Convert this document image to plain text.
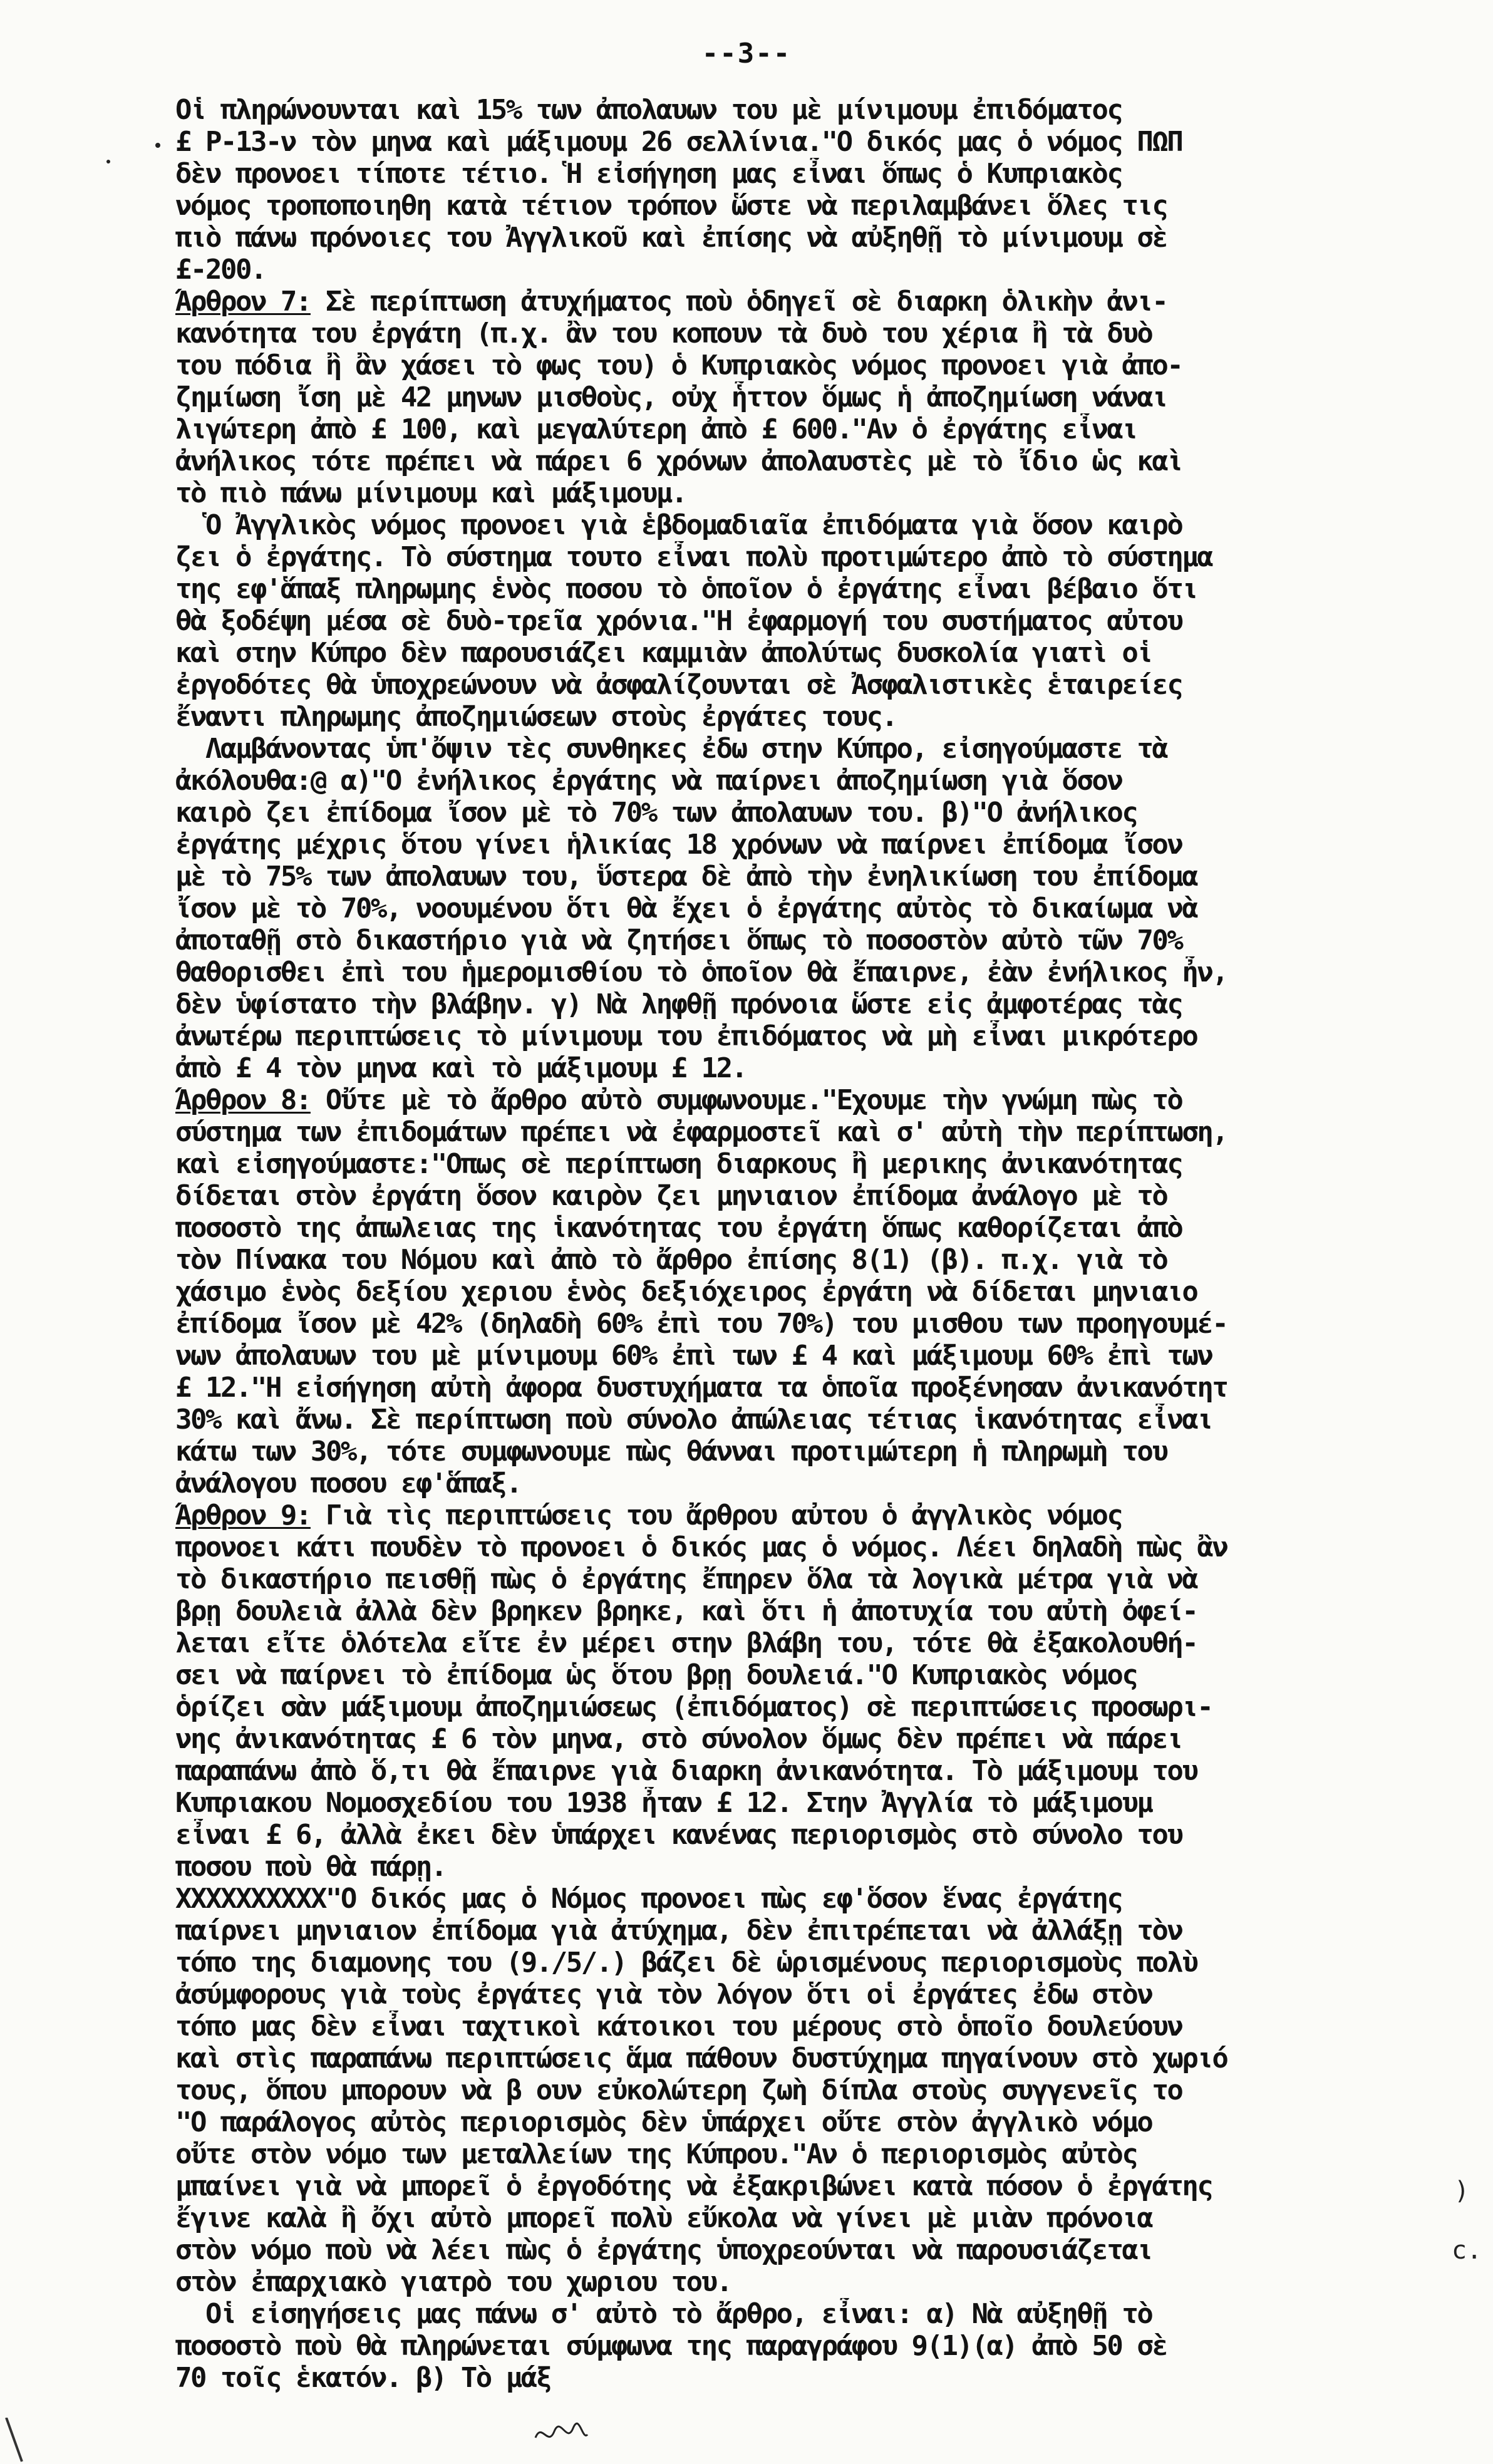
--3--
Οἱ πληρώνουνται καὶ 15% των ἀπολαυων του μὲ μίνιμουμ ἐπιδόματος
£ Ρ-13-ν τὸν μηνα καὶ μάξιμουμ 26 σελλίνια."Ο δικός μας ὁ νόμος ΠΩΠ
δὲν προνοει τίποτε τέτιο. Ἡ εἰσήγηση μας εἶναι ὅπως ὁ Κυπριακὸς
νόμος τροποποιηθη κατὰ τέτιον τρόπον ὥστε νὰ περιλαμβάνει ὅλες τις
πιὸ πάνω πρόνοιες του Ἀγγλικοῦ καὶ ἐπίσης νὰ αὐξηθῇ τὸ μίνιμουμ σὲ
£-200.
Ἄρθρον 7: Σὲ περίπτωση ἀτυχήματος ποὺ ὁδηγεῖ σὲ διαρκη ὁλικὴν ἀνι-
κανότητα του ἐργάτη (π.χ. ἂν του κοπουν τὰ δυὸ του χέρια ἢ τὰ δυὸ
του πόδια ἢ ἂν χάσει τὸ φως του) ὁ Κυπριακὸς νόμος προνοει γιὰ ἀπο-
ζημίωση ἴση μὲ 42 μηνων μισθοὺς, οὐχ ἧττον ὅμως ἡ ἀποζημίωση νάναι
λιγώτερη ἀπὸ £ 100, καὶ μεγαλύτερη ἀπὸ £ 600."Αν ὁ ἐργάτης εἶναι
ἀνήλικος τότε πρέπει νὰ πάρει 6 χρόνων ἀπολαυστὲς μὲ τὸ ἴδιο ὡς καὶ
τὸ πιὸ πάνω μίνιμουμ καὶ μάξιμουμ.
Ὁ Ἀγγλικὸς νόμος προνοει γιὰ ἑβδομαδιαῖα ἐπιδόματα γιὰ ὅσον καιρὸ
ζει ὁ ἐργάτης. Τὸ σύστημα τουτο εἶναι πολὺ προτιμώτερο ἀπὸ τὸ σύστημα
της εφ'ἅπαξ πληρωμης ἑνὸς ποσου τὸ ὁποῖον ὁ ἐργάτης εἶναι βέβαιο ὅτι
θὰ ξοδέψη μέσα σὲ δυὸ-τρεῖα χρόνια."Η ἐφαρμογή του συστήματος αὐτου
καὶ στην Κύπρο δὲν παρουσιάζει καμμιὰν ἀπολύτως δυσκολία γιατὶ οἱ
ἐργοδότες θὰ ὑποχρεώνουν νὰ ἀσφαλίζουνται σὲ Ἀσφαλιστικὲς ἑταιρείες
ἔναντι πληρωμης ἀποζημιώσεων στοὺς ἐργάτες τους.
Λαμβάνοντας ὑπ'ὄψιν τὲς συνθηκες ἐδω στην Κύπρο, εἰσηγούμαστε τὰ
ἀκόλουθα:@ α)"Ο ἐνήλικος ἐργάτης νὰ παίρνει ἀποζημίωση γιὰ ὅσον
καιρὸ ζει ἐπίδομα ἴσον μὲ τὸ 70% των ἀπολαυων του. β)"Ο ἀνήλικος
ἐργάτης μέχρις ὅτου γίνει ἡλικίας 18 χρόνων νὰ παίρνει ἐπίδομα ἴσον
μὲ τὸ 75% των ἀπολαυων του, ὕστερα δὲ ἀπὸ τὴν ἐνηλικίωση του ἐπίδομα
ἴσον μὲ τὸ 70%, νοουμένου ὅτι θὰ ἔχει ὁ ἐργάτης αὐτὸς τὸ δικαίωμα νὰ
ἀποταθῇ στὸ δικαστήριο γιὰ νὰ ζητήσει ὅπως τὸ ποσοστὸν αὐτὸ τῶν 70%
θαθορισθει ἐπὶ του ἡμερομισθίου τὸ ὁποῖον θὰ ἔπαιρνε, ἐὰν ἐνήλικος ἦν,
δὲν ὑφίστατο τὴν βλάβην. γ) Νὰ ληφθῇ πρόνοια ὥστε εἰς ἀμφοτέρας τὰς
ἀνωτέρω περιπτώσεις τὸ μίνιμουμ του ἐπιδόματος νὰ μὴ εἶναι μικρότερο
ἀπὸ £ 4 τὸν μηνα καὶ τὸ μάξιμουμ £ 12.
Ἄρθρον 8: Οὔτε μὲ τὸ ἄρθρο αὐτὸ συμφωνουμε."Εχουμε τὴν γνώμη πὼς τὸ
σύστημα των ἐπιδομάτων πρέπει νὰ ἐφαρμοστεῖ καὶ σ' αὐτὴ τὴν περίπτωση,
καὶ εἰσηγούμαστε:"Οπως σὲ περίπτωση διαρκους ἢ μερικης ἀνικανότητας
δίδεται στὸν ἐργάτη ὅσον καιρὸν ζει μηνιαιον ἐπίδομα ἀνάλογο μὲ τὸ
ποσοστὸ της ἀπωλειας της ἱκανότητας του ἐργάτη ὅπως καθορίζεται ἀπὸ
τὸν Πίνακα του Νόμου καὶ ἀπὸ τὸ ἄρθρο ἐπίσης 8(1) (β). π.χ. γιὰ τὸ
χάσιμο ἑνὸς δεξίου χεριου ἑνὸς δεξιόχειρος ἐργάτη νὰ δίδεται μηνιαιο
ἐπίδομα ἴσον μὲ 42% (δηλαδὴ 60% ἐπὶ του 70%) του μισθου των προηγουμέ-
νων ἀπολαυων του μὲ μίνιμουμ 60% ἐπὶ των £ 4 καὶ μάξιμουμ 60% ἐπὶ των
£ 12."Η εἰσήγηση αὐτὴ ἀφορα δυστυχήματα τα ὁποῖα προξένησαν ἀνικανότητ
30% καὶ ἄνω. Σὲ περίπτωση ποὺ σύνολο ἀπώλειας τέτιας ἱκανότητας εἶναι
κάτω των 30%, τότε συμφωνουμε πὼς θάνναι προτιμώτερη ἡ πληρωμὴ του
ἀνάλογου ποσου εφ'ἅπαξ.
Ἄρθρον 9: Γιὰ τὶς περιπτώσεις του ἄρθρου αὐτου ὁ ἀγγλικὸς νόμος
προνοει κάτι πουδὲν τὸ προνοει ὁ δικός μας ὁ νόμος. Λέει δηλαδὴ πὼς ἂν
τὸ δικαστήριο πεισθῇ πὼς ὁ ἐργάτης ἔπηρεν ὅλα τὰ λογικὰ μέτρα γιὰ νὰ
βρῃ δουλειὰ ἀλλὰ δὲν βρηκεν βρηκε, καὶ ὅτι ἡ ἀποτυχία του αὐτὴ ὀφεί-
λεται εἴτε ὁλότελα εἴτε ἐν μέρει στην βλάβη του, τότε θὰ ἐξακολουθή-
σει νὰ παίρνει τὸ ἐπίδομα ὡς ὅτου βρῃ δουλειά."Ο Κυπριακὸς νόμος
ὁρίζει σὰν μάξιμουμ ἀποζημιώσεως (ἐπιδόματος) σὲ περιπτώσεις προσωρι-
νης ἀνικανότητας £ 6 τὸν μηνα, στὸ σύνολον ὅμως δὲν πρέπει νὰ πάρει
παραπάνω ἀπὸ ὅ,τι θὰ ἔπαιρνε γιὰ διαρκη ἀνικανότητα. Τὸ μάξιμουμ του
Κυπριακου Νομοσχεδίου του 1938 ἦταν £ 12. Στην Ἀγγλία τὸ μάξιμουμ
εἶναι £ 6, ἀλλὰ ἐκει δὲν ὑπάρχει κανένας περιορισμὸς στὸ σύνολο του
ποσου ποὺ θὰ πάρῃ.
XXXXXXXXXX"Ο δικός μας ὁ Νόμος προνοει πὼς εφ'ὅσον ἕνας ἐργάτης
παίρνει μηνιαιον ἐπίδομα γιὰ ἀτύχημα, δὲν ἐπιτρέπεται νὰ ἀλλάξῃ τὸν
τόπο της διαμονης του (9./5/.) βάζει δὲ ὡρισμένους περιορισμοὺς πολὺ
ἀσύμφορους γιὰ τοὺς ἐργάτες γιὰ τὸν λόγον ὅτι οἱ ἐργάτες ἐδω στὸν
τόπο μας δὲν εἶναι ταχτικοὶ κάτοικοι του μέρους στὸ ὁποῖο δουλεύουν
καὶ στὶς παραπάνω περιπτώσεις ἅμα πάθουν δυστύχημα πηγαίνουν στὸ χωριό
τους, ὅπου μπορουν νὰ β ουν εὐκολώτερη ζωὴ δίπλα στοὺς συγγενεῖς το
"Ο παράλογος αὐτὸς περιορισμὸς δὲν ὑπάρχει οὔτε στὸν ἀγγλικὸ νόμο
οὔτε στὸν νόμο των μεταλλείων της Κύπρου."Αν ὁ περιορισμὸς αὐτὸς
μπαίνει γιὰ νὰ μπορεῖ ὁ ἐργοδότης νὰ ἐξακριβώνει κατὰ πόσον ὁ ἐργάτης
ἔγινε καλὰ ἢ ὄχι αὐτὸ μπορεῖ πολὺ εὔκολα νὰ γίνει μὲ μιὰν πρόνοια
στὸν νόμο ποὺ νὰ λέει πὼς ὁ ἐργάτης ὑποχρεούνται νὰ παρουσιάζεται
στὸν ἐπαρχιακὸ γιατρὸ του χωριου του.
Οἱ εἰσηγήσεις μας πάνω σ' αὐτὸ τὸ ἄρθρο, εἶναι: α) Νὰ αὐξηθῇ τὸ
ποσοστὸ ποὺ θὰ πληρώνεται σύμφωνα της παραγράφου 9(1)(α) ἀπὸ 50 σὲ
70 τοῖς ἑκατόν. β) Τὸ μάξ
)
c.
